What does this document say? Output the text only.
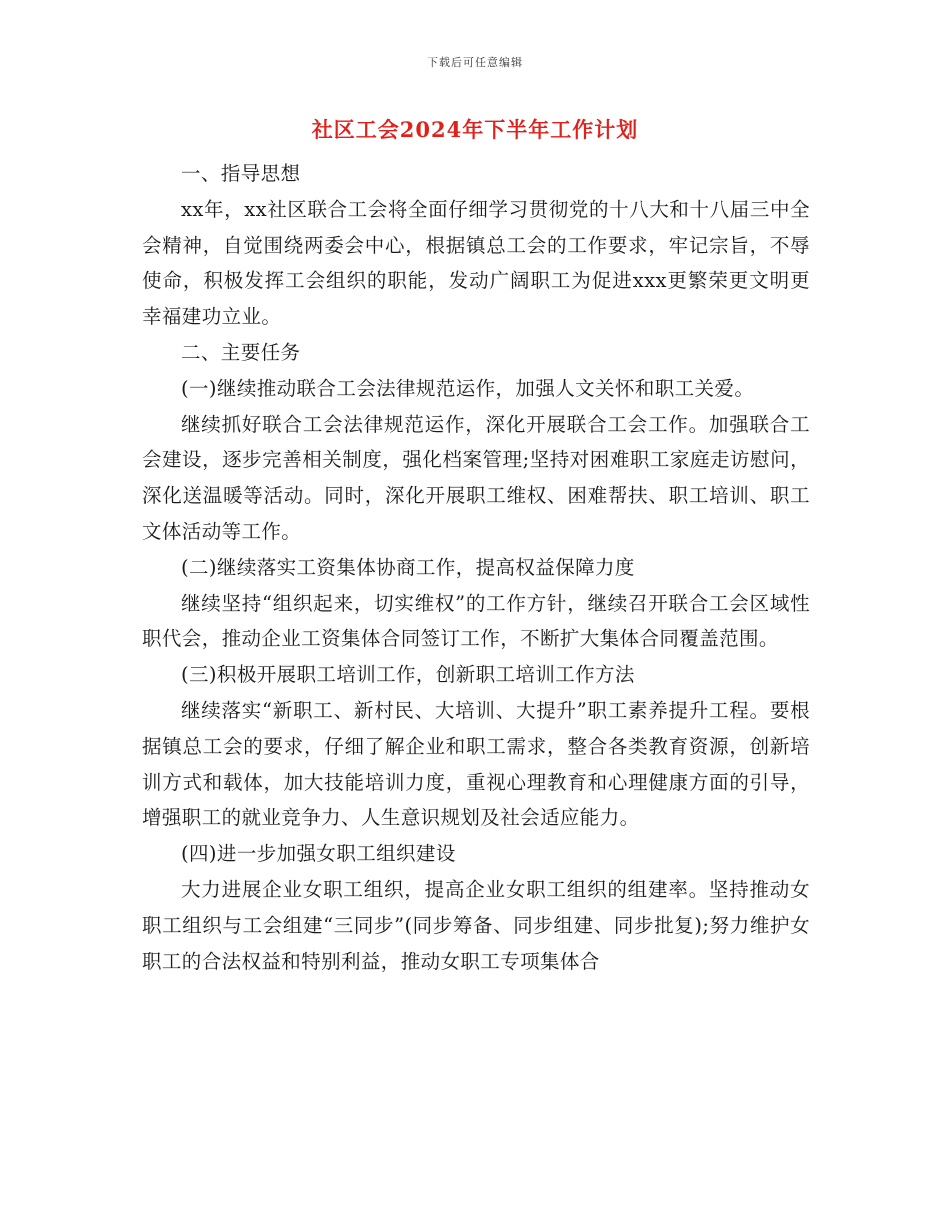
下载后可任意编辑
社区工会2024年下半年工作计划

一、指导思想

xx年，xx社区联合工会将全面仔细学习贯彻党的十八大和十八届三中全会精神，自觉围绕两委会中心，根据镇总工会的工作要求，牢记宗旨，不辱使命，积极发挥工会组织的职能，发动广阔职工为促进xxx更繁荣更文明更幸福建功立业。

二、主要任务

(一)继续推动联合工会法律规范运作，加强人文关怀和职工关爱。

继续抓好联合工会法律规范运作，深化开展联合工会工作。加强联合工会建设，逐步完善相关制度，强化档案管理;坚持对困难职工家庭走访慰问，深化送温暖等活动。同时，深化开展职工维权、困难帮扶、职工培训、职工文体活动等工作。

(二)继续落实工资集体协商工作，提高权益保障力度

继续坚持“组织起来，切实维权”的工作方针，继续召开联合工会区域性职代会，推动企业工资集体合同签订工作，不断扩大集体合同覆盖范围。

(三)积极开展职工培训工作，创新职工培训工作方法

继续落实“新职工、新村民、大培训、大提升”职工素养提升工程。要根据镇总工会的要求，仔细了解企业和职工需求，整合各类教育资源，创新培训方式和载体，加大技能培训力度，重视心理教育和心理健康方面的引导，增强职工的就业竞争力、人生意识规划及社会适应能力。

(四)进一步加强女职工组织建设

大力进展企业女职工组织，提高企业女职工组织的组建率。坚持推动女职工组织与工会组建“三同步”(同步筹备、同步组建、同步批复);努力维护女职工的合法权益和特别利益，推动女职工专项集体合
